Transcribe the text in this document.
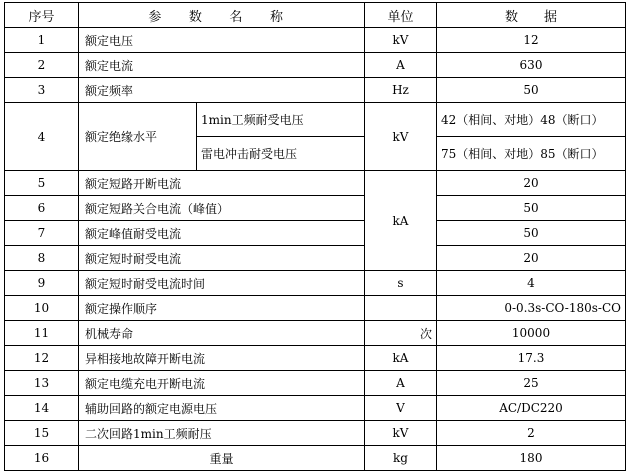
序号	参 数 名 称		单位	数　　据
1	额定电压		kV	12
2	额定电流		A	630
3	额定频率		Hz	50
4	额定绝缘水平	1min工频耐受电压	kV	42（相间、对地）48（断口）
		雷电冲击耐受电压		75（相间、对地）85（断口）
5	额定短路开断电流		kA	20
6	额定短路关合电流（峰值）			50
7	额定峰值耐受电流			50
8	额定短时耐受电流			20
9	额定短时耐受电流时间		s	4
10	额定操作顺序			0-0.3s-CO-180s-CO
11	机械寿命		次	10000
12	异相接地故障开断电流		kA	17.3
13	额定电缆充电开断电流		A	25
14	辅助回路的额定电源电压		V	AC/DC220
15	二次回路1min工频耐压		kV	2
16	重量		kg	180
